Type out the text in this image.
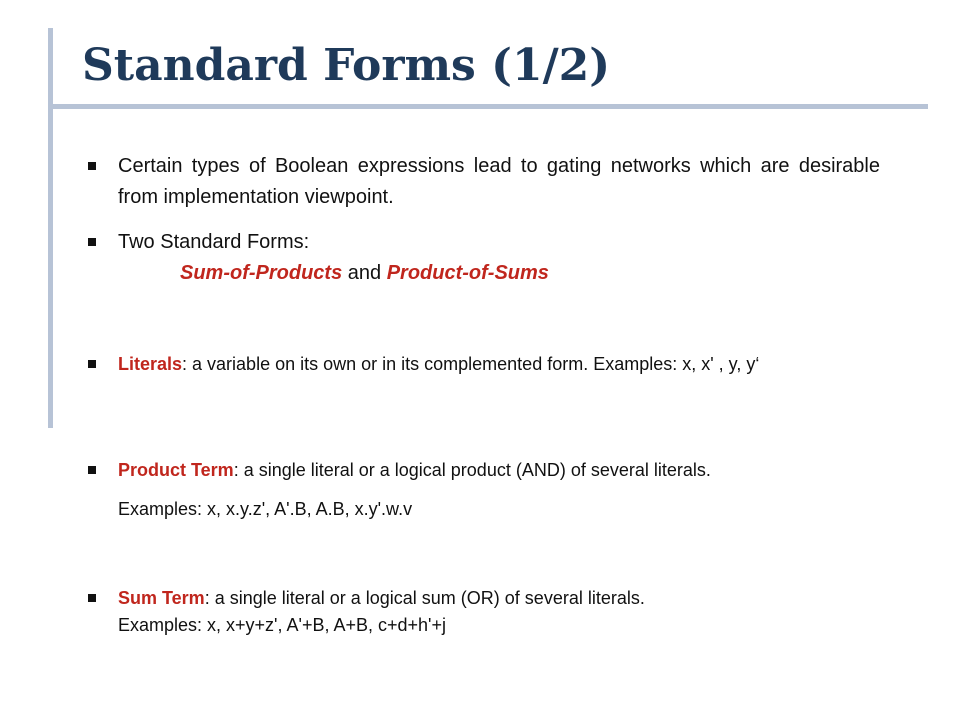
Standard Forms (1/2)
Certain types of Boolean expressions lead to gating networks which are desirable from implementation viewpoint.
Two Standard Forms:
Sum-of-Products and Product-of-Sums
Literals: a variable on its own or in its complemented form. Examples: x, x' , y, y‘
Product Term: a single literal or a logical product (AND) of several literals.
Examples: x, x.y.z', A'.B, A.B, x.y'.w.v
Sum Term: a single literal or a logical sum (OR) of several literals.
Examples: x, x+y+z', A'+B, A+B, c+d+h'+j
